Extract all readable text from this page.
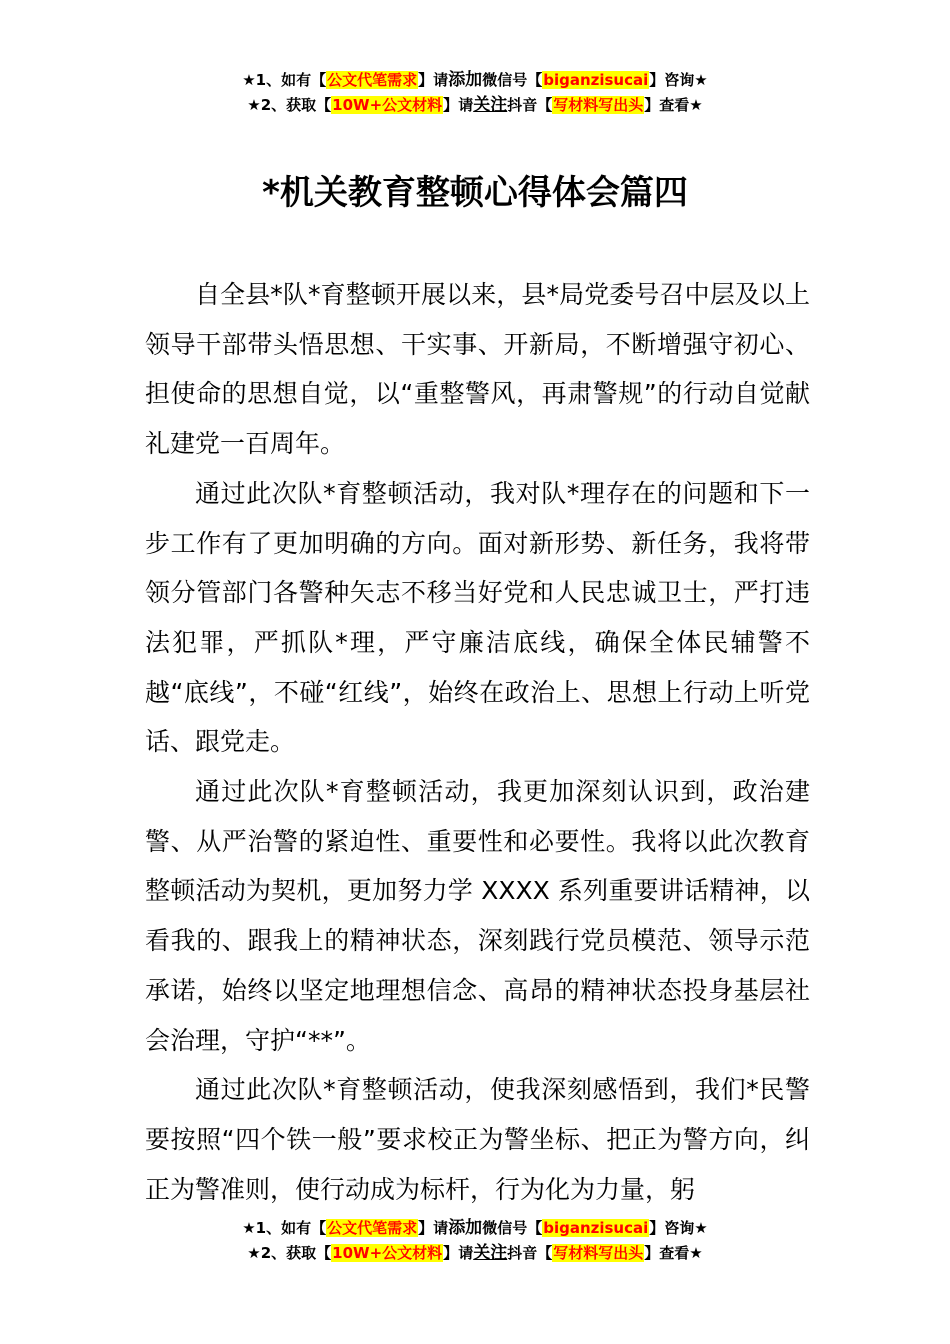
★1、如有【公文代笔需求】请添加微信号【biganzisucai】咨询★
★2、获取【10W+公文材料】请关注抖音【写材料写出头】查看★
*机关教育整顿心得体会篇四

自全县*队*育整顿开展以来，县*局党委号召中层及以上领导干部带头悟思想、干实事、开新局，不断增强守初心、担使命的思想自觉，以“重整警风，再肃警规”的行动自觉献礼建党一百周年。

通过此次队*育整顿活动，我对队*理存在的问题和下一步工作有了更加明确的方向。面对新形势、新任务，我将带领分管部门各警种矢志不移当好党和人民忠诚卫士，严打违法犯罪，严抓队*理，严守廉洁底线，确保全体民辅警不越“底线”，不碰“红线”，始终在政治上、思想上行动上听党话、跟党走。

通过此次队*育整顿活动，我更加深刻认识到，政治建警、从严治警的紧迫性、重要性和必要性。我将以此次教育整顿活动为契机，更加努力学 XXXX 系列重要讲话精神，以看我的、跟我上的精神状态，深刻践行党员模范、领导示范承诺，始终以坚定地理想信念、高昂的精神状态投身基层社会治理，守护“**”。

通过此次队*育整顿活动，使我深刻感悟到，我们*民警要按照“四个铁一般”要求校正为警坐标、把正为警方向，纠正为警准则，使行动成为标杆，行为化为力量，躬

★1、如有【公文代笔需求】请添加微信号【biganzisucai】咨询★
★2、获取【10W+公文材料】请关注抖音【写材料写出头】查看★
